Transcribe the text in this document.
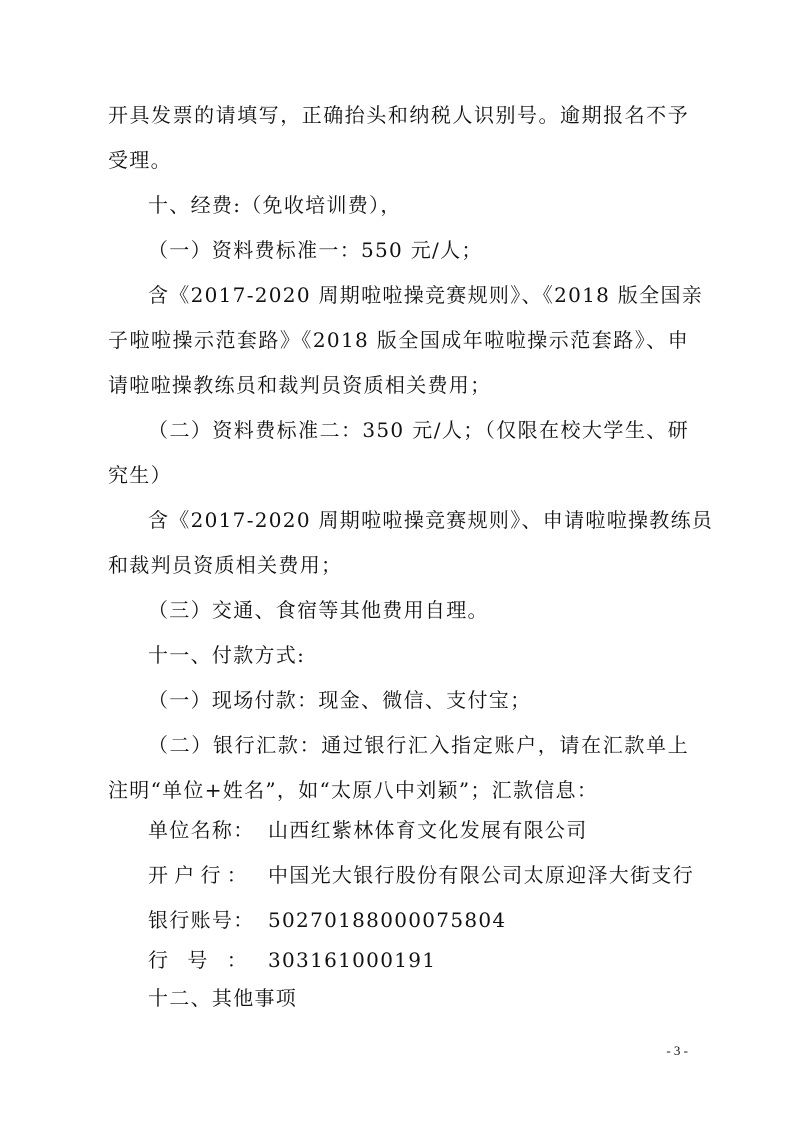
开具发票的请填写，正确抬头和纳税人识别号。逾期报名不予
受理。
十、经费:（免收培训费），
（一）资料费标准一：550 元/人；
含《2017-2020 周期啦啦操竞赛规则》、《2018 版全国亲
子啦啦操示范套路》《2018 版全国成年啦啦操示范套路》、申
请啦啦操教练员和裁判员资质相关费用；
（二）资料费标准二：350 元/人；（仅限在校大学生、研
究生）
含《2017-2020 周期啦啦操竞赛规则》、申请啦啦操教练员
和裁判员资质相关费用；
（三）交通、食宿等其他费用自理。
十一、付款方式:
（一）现场付款：现金、微信、支付宝；
（二）银行汇款：通过银行汇入指定账户，请在汇款单上
注明“单位+姓名”，如“太原八中刘颖”；汇款信息：
单位名称： 山西红紫林体育文化发展有限公司
开户行： 中国光大银行股份有限公司太原迎泽大街支行
银行账号： 50270188000075804
行号： 303161000191
十二、其他事项
- 3 -
